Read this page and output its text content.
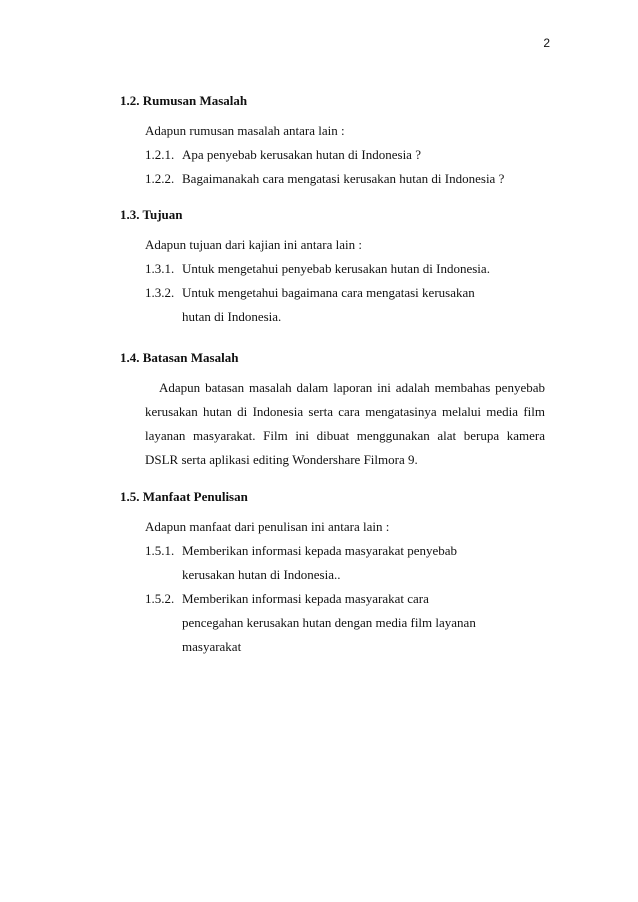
2
1.2. Rumusan Masalah

Adapun rumusan masalah antara lain :

1.2.1. Apa penyebab kerusakan hutan di Indonesia ?
1.2.2. Bagaimanakah cara mengatasi kerusakan hutan di Indonesia ?
1.3. Tujuan

Adapun tujuan dari kajian ini antara lain :

1.3.1. Untuk mengetahui penyebab kerusakan hutan di Indonesia.
1.3.2. Untuk mengetahui bagaimana cara mengatasi kerusakan hutan di Indonesia.
1.4. Batasan Masalah

Adapun batasan masalah dalam laporan ini adalah membahas penyebab kerusakan hutan di Indonesia serta cara mengatasinya melalui media film layanan masyarakat. Film ini dibuat menggunakan alat berupa kamera DSLR serta aplikasi editing Wondershare Filmora 9.

1.5. Manfaat Penulisan

Adapun manfaat dari penulisan ini antara lain :

1.5.1. Memberikan informasi kepada masyarakat penyebab kerusakan hutan di Indonesia..
1.5.2. Memberikan informasi kepada masyarakat cara pencegahan kerusakan hutan dengan media film layanan masyarakat
